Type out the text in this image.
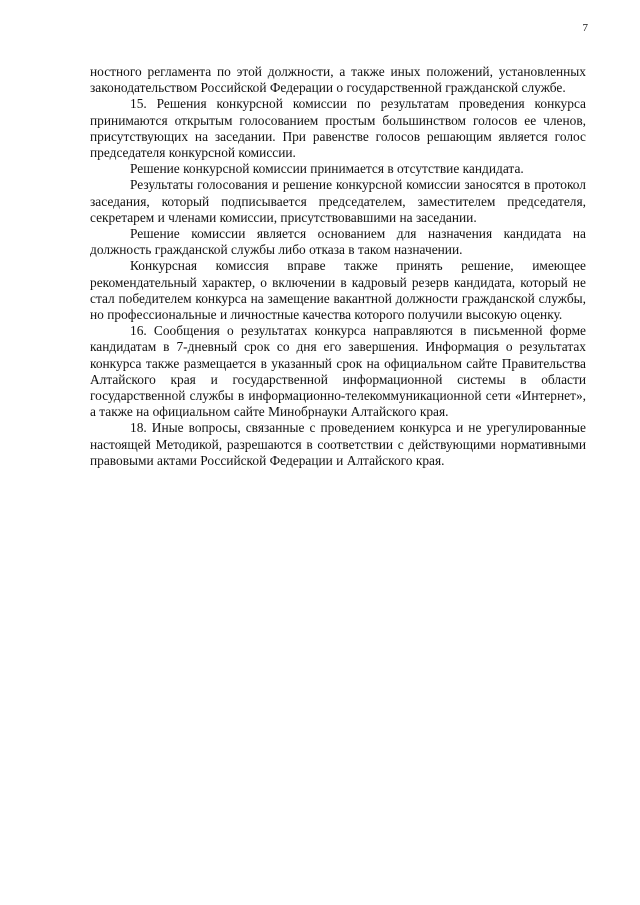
7

ностного регламента по этой должности, а также иных положений, установленных законодательством Российской Федерации о государственной гражданской службе.

15. Решения конкурсной комиссии по результатам проведения конкурса принимаются открытым голосованием простым большинством голосов ее членов, присутствующих на заседании. При равенстве голосов решающим является голос председателя конкурсной комиссии.

Решение конкурсной комиссии принимается в отсутствие кандидата.

Результаты голосования и решение конкурсной комиссии заносятся в протокол заседания, который подписывается председателем, заместителем председателя, секретарем и членами комиссии, присутствовавшими на заседании.

Решение комиссии является основанием для назначения кандидата на должность гражданской службы либо отказа в таком назначении.

Конкурсная комиссия вправе также принять решение, имеющее рекомендательный характер, о включении в кадровый резерв кандидата, который не стал победителем конкурса на замещение вакантной должности гражданской службы, но профессиональные и личностные качества которого получили высокую оценку.

16. Сообщения о результатах конкурса направляются в письменной форме кандидатам в 7-дневный срок со дня его завершения. Информация о результатах конкурса также размещается в указанный срок на официальном сайте Правительства Алтайского края и государственной информационной системы в области государственной службы в информационно-телекоммуникационной сети «Интернет», а также на официальном сайте Минобрнауки Алтайского края.

18. Иные вопросы, связанные с проведением конкурса и не урегулированные настоящей Методикой, разрешаются в соответствии с действующими нормативными правовыми актами Российской Федерации и Алтайского края.
